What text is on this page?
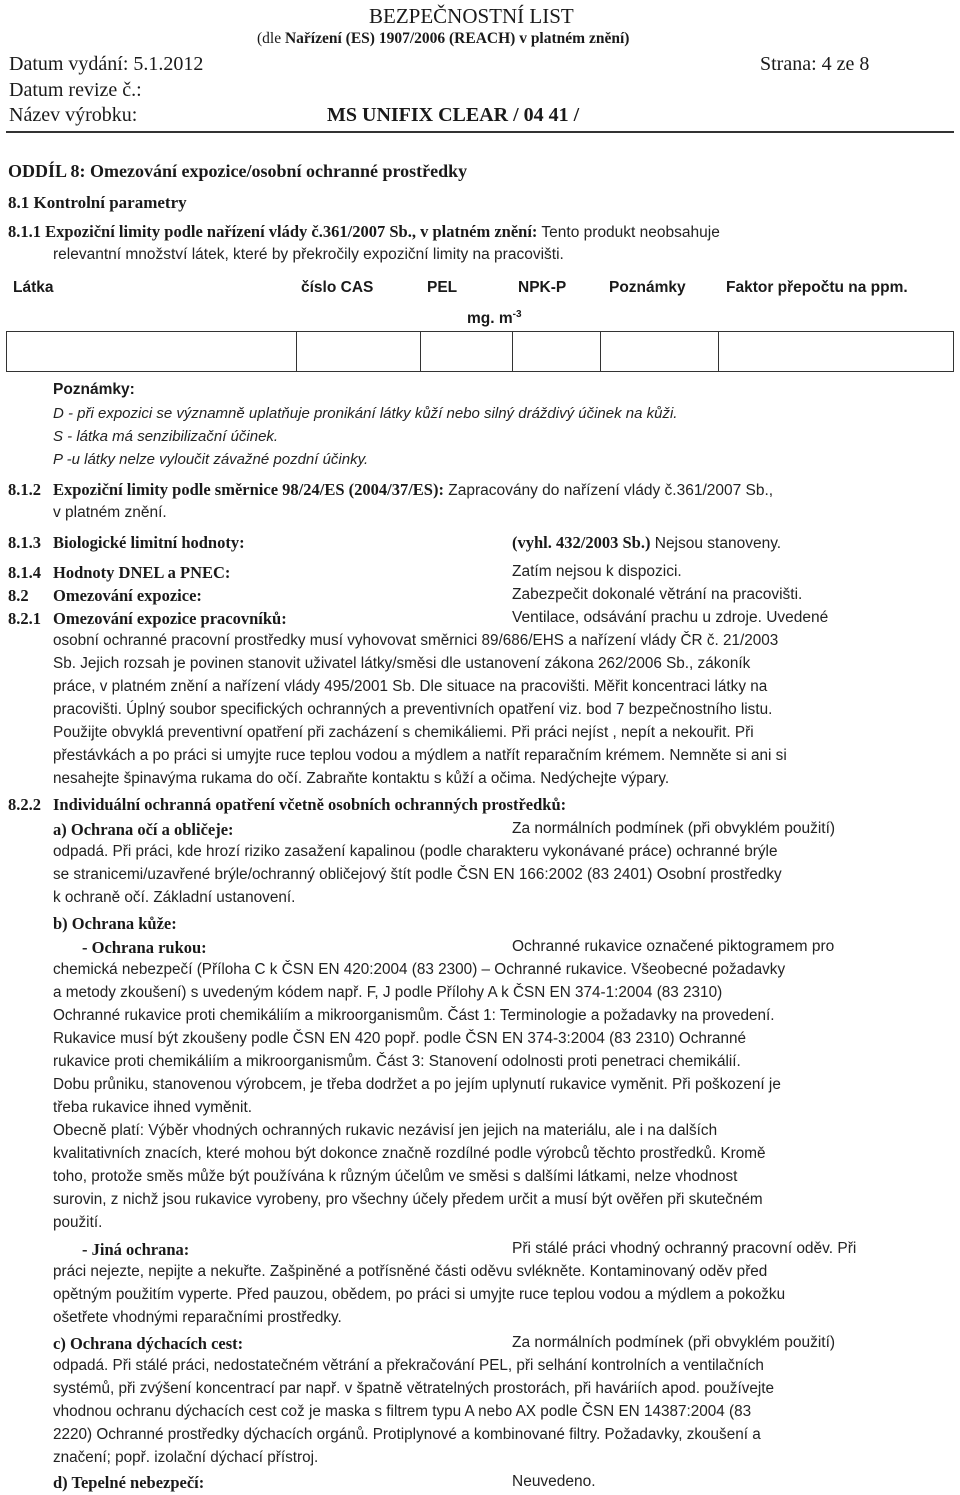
BEZPEČNOSTNÍ LIST
(dle Nařízení (ES) 1907/2006 (REACH) v platném znění)
Datum vydání: 5.1.2012	Strana: 4 ze 8
Datum revize č.:
Název výrobku:	MS UNIFIX CLEAR / 04 41 /
ODDÍL 8: Omezování expozice/osobní ochranné prostředky
8.1 Kontrolní parametry
8.1.1 Expoziční limity podle nařízení vlády č.361/2007 Sb., v platném znění: Tento produkt neobsahuje
relevantní množství látek, které by překročily expoziční limity na pracovišti.
Látka	číslo CAS	PEL	NPK-P	Poznámky	Faktor přepočtu na ppm.
mg. $m^{-3}$
Poznámky:
D - při expozici se významně uplatňuje pronikání látky kůží nebo silný dráždivý účinek na kůži.
S - látka má senzibilizační účinek.
P -u látky nelze vyloučit závažné pozdní účinky.
8.1.2 Expoziční limity podle směrnice 98/24/ES (2004/37/ES): Zapracovány do nařízení vlády č.361/2007 Sb.,
v platném znění.
8.1.3 Biologické limitní hodnoty:	(vyhl. 432/2003 Sb.) Nejsou stanoveny.
8.1.4 Hodnoty DNEL a PNEC:	Zatím nejsou k dispozici.
8.2 Omezování expozice:	Zabezpečit dokonalé větrání na pracovišti.
8.2.1 Omezování expozice pracovníků:	Ventilace, odsávání prachu u zdroje. Uvedené
osobní ochranné pracovní prostředky musí vyhovovat směrnici 89/686/EHS a nařízení vlády ČR č. 21/2003
Sb. Jejich rozsah je povinen stanovit uživatel látky/směsi dle ustanovení zákona 262/2006 Sb., zákoník
práce, v platném znění a nařízení vlády 495/2001 Sb. Dle situace na pracovišti. Měřit koncentraci látky na
pracovišti. Úplný soubor specifických ochranných a preventivních opatření viz. bod 7 bezpečnostního listu.
Použijte obvyklá preventivní opatření při zacházení s chemikáliemi. Při práci nejíst , nepít a nekouřit. Při
přestávkách a po práci si umyjte ruce teplou vodou a mýdlem a natřít reparačním krémem. Nemněte si ani si
nesahejte špinavýma rukama do očí. Zabraňte kontaktu s kůží a očima. Nedýchejte výpary.
8.2.2 Individuální ochranná opatření včetně osobních ochranných prostředků:
a) Ochrana očí a obličeje:	Za normálních podmínek (při obvyklém použití)
odpadá. Při práci, kde hrozí riziko zasažení kapalinou (podle charakteru vykonávané práce) ochranné brýle
se stranicemi/uzavřené brýle/ochranný obličejový štít podle ČSN EN 166:2002 (83 2401) Osobní prostředky
k ochraně očí. Základní ustanovení.
b) Ochrana kůže:
- Ochrana rukou:	Ochranné rukavice označené piktogramem pro
chemická nebezpečí (Příloha C k ČSN EN 420:2004 (83 2300) – Ochranné rukavice. Všeobecné požadavky
a metody zkoušení) s uvedeným kódem např. F, J podle Přílohy A k ČSN EN 374-1:2004 (83 2310)
Ochranné rukavice proti chemikáliím a mikroorganismům. Část 1: Terminologie a požadavky na provedení.
Rukavice musí být zkoušeny podle ČSN EN 420 popř. podle ČSN EN 374-3:2004 (83 2310) Ochranné
rukavice proti chemikáliím a mikroorganismům. Část 3: Stanovení odolnosti proti penetraci chemikálií.
Dobu průniku, stanovenou výrobcem, je třeba dodržet a po jejím uplynutí rukavice vyměnit. Při poškození je
třeba rukavice ihned vyměnit.
Obecně platí: Výběr vhodných ochranných rukavic nezávisí jen jejich na materiálu, ale i na dalších
kvalitativních znacích, které mohou být dokonce značně rozdílné podle výrobců těchto prostředků. Kromě
toho, protože směs může být používána k různým účelům ve směsi s dalšími látkami, nelze vhodnost
surovin, z nichž jsou rukavice vyrobeny, pro všechny účely předem určit a musí být ověřen při skutečném
použití.
- Jiná ochrana:	Při stálé práci vhodný ochranný pracovní oděv. Při
práci nejezte, nepijte a nekuřte. Zašpiněné a potřísněné části oděvu svlékněte. Kontaminovaný oděv před
opětným použitím vyperte. Před pauzou, obědem, po práci si umyjte ruce teplou vodou a mýdlem a pokožku
ošetřete vhodnými reparačními prostředky.
c) Ochrana dýchacích cest:	Za normálních podmínek (při obvyklém použití)
odpadá. Při stálé práci, nedostatečném větrání a překračování PEL, při selhání kontrolních a ventilačních
systémů, při zvýšení koncentrací par např. v špatně větratelných prostorách, při haváriích apod. používejte
vhodnou ochranu dýchacích cest což je maska s filtrem typu A nebo AX podle ČSN EN 14387:2004 (83
2220) Ochranné prostředky dýchacích orgánů. Protiplynové a kombinované filtry. Požadavky, zkoušení a
značení; popř. izolační dýchací přístroj.
d) Tepelné nebezpečí:	Neuvedeno.
